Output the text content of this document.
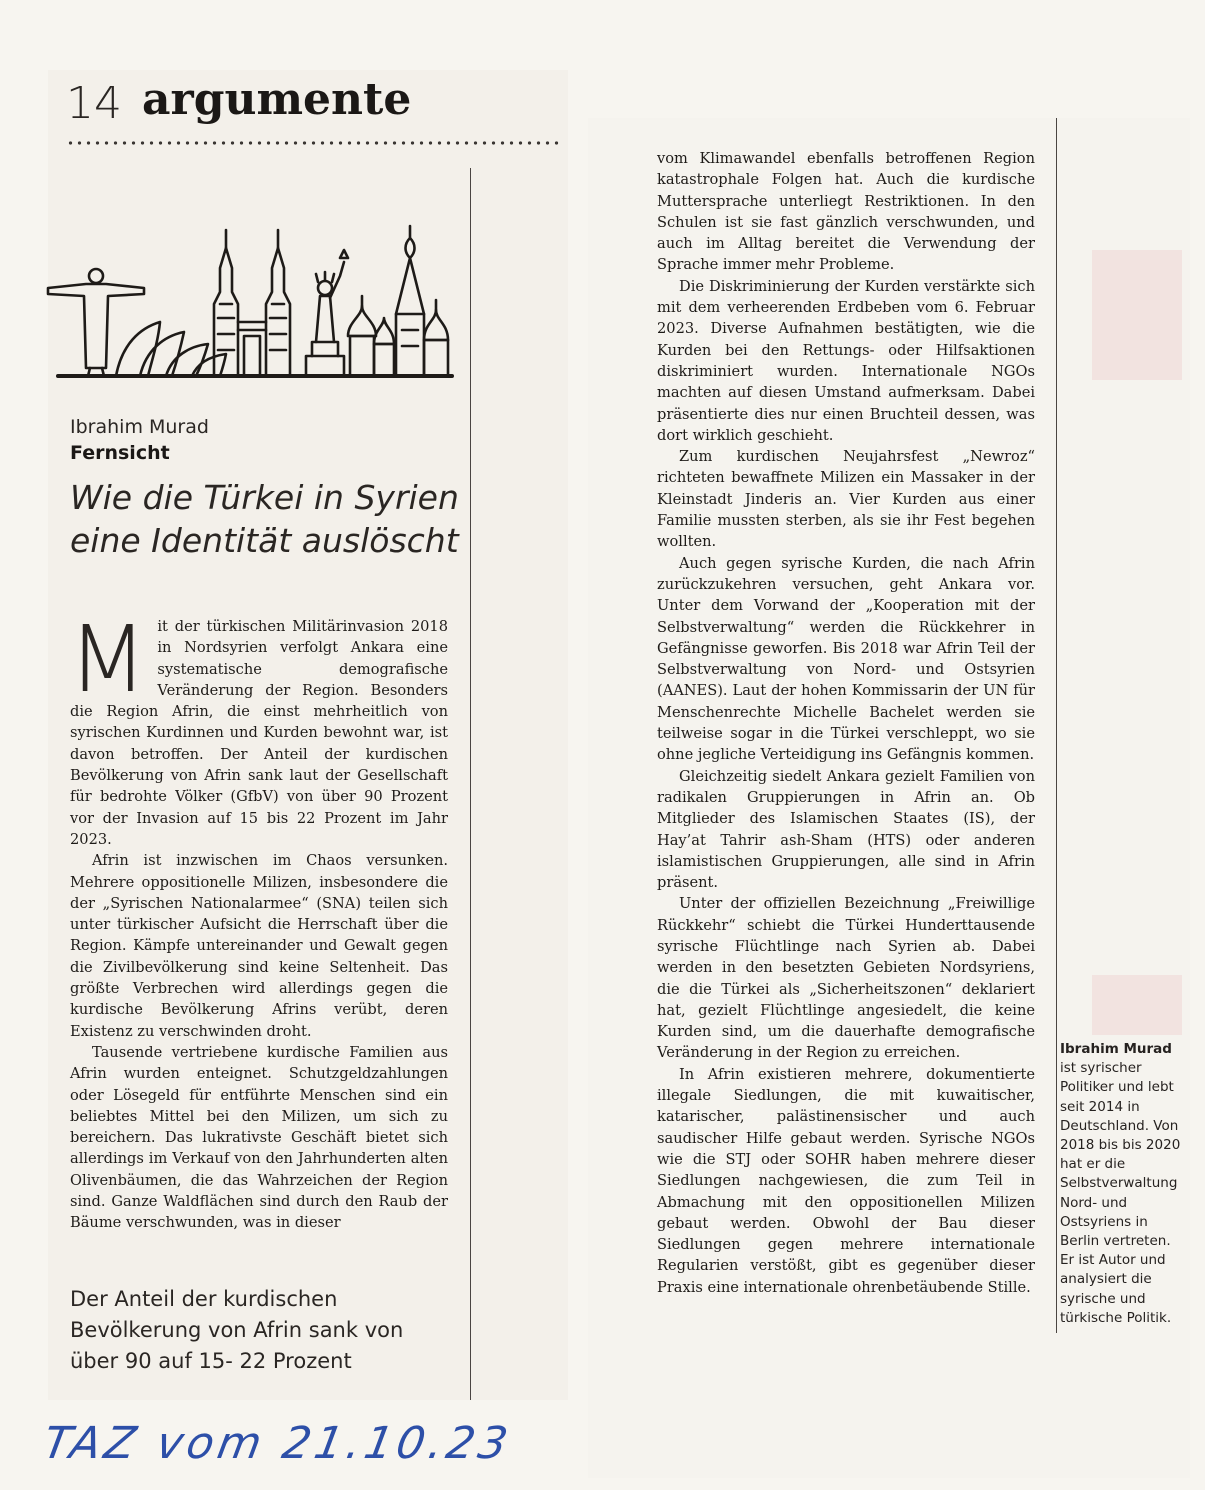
14 argumente
Ibrahim Murad
Fernsicht
Wie die Türkei in Syrien eine Identität auslöscht

Mit der türkischen Militärinvasion 2018 in Nordsyrien verfolgt Ankara eine systematische demografische Veränderung der Region. Besonders die Region Afrin, die einst mehrheitlich von syrischen Kurdinnen und Kurden bewohnt war, ist davon betroffen. Der Anteil der kurdischen Bevölkerung von Afrin sank laut der Gesellschaft für bedrohte Völker (GfbV) von über 90 Prozent vor der Invasion auf 15 bis 22 Prozent im Jahr 2023.

Afrin ist inzwischen im Chaos versunken. Mehrere oppositionelle Milizen, insbesondere die der „Syrischen Nationalarmee“ (SNA) teilen sich unter türkischer Aufsicht die Herrschaft über die Region. Kämpfe untereinander und Gewalt gegen die Zivilbevölkerung sind keine Seltenheit. Das größte Verbrechen wird allerdings gegen die kurdische Bevölkerung Afrins verübt, deren Existenz zu verschwinden droht.

Tausende vertriebene kurdische Familien aus Afrin wurden enteignet. Schutzgeldzahlungen oder Lösegeld für entführte Menschen sind ein beliebtes Mittel bei den Milizen, um sich zu bereichern. Das lukrativste Geschäft bietet sich allerdings im Verkauf von den Jahrhunderten alten Olivenbäumen, die das Wahrzeichen der Region sind. Ganze Waldflächen sind durch den Raub der Bäume verschwunden, was in dieser

Der Anteil der kurdischen Bevölkerung von Afrin sank von über 90 auf 15- 22 Prozent

vom Klimawandel ebenfalls betroffenen Region katastrophale Folgen hat. Auch die kurdische Muttersprache unterliegt Restriktionen. In den Schulen ist sie fast gänzlich verschwunden, und auch im Alltag bereitet die Verwendung der Sprache immer mehr Probleme.

Die Diskriminierung der Kurden verstärkte sich mit dem verheerenden Erdbeben vom 6. Februar 2023. Diverse Aufnahmen bestätigten, wie die Kurden bei den Rettungs- oder Hilfsaktionen diskriminiert wurden. Internationale NGOs machten auf diesen Umstand aufmerksam. Dabei präsentierte dies nur einen Bruchteil dessen, was dort wirklich geschieht.

Zum kurdischen Neujahrsfest „Newroz“ richteten bewaffnete Milizen ein Massaker in der Kleinstadt Jinderis an. Vier Kurden aus einer Familie mussten sterben, als sie ihr Fest begehen wollten.

Auch gegen syrische Kurden, die nach Afrin zurückzukehren versuchen, geht Ankara vor. Unter dem Vorwand der „Kooperation mit der Selbstverwaltung“ werden die Rückkehrer in Gefängnisse geworfen. Bis 2018 war Afrin Teil der Selbstverwaltung von Nord- und Ostsyrien (AANES). Laut der hohen Kommissarin der UN für Menschenrechte Michelle Bachelet werden sie teilweise sogar in die Türkei verschleppt, wo sie ohne jegliche Verteidigung ins Gefängnis kommen.

Gleichzeitig siedelt Ankara gezielt Familien von radikalen Gruppierungen in Afrin an. Ob Mitglieder des Islamischen Staates (IS), der Hay’at Tahrir ash-Sham (HTS) oder anderen islamistischen Gruppierungen, alle sind in Afrin präsent.

Unter der offiziellen Bezeichnung „Freiwillige Rückkehr“ schiebt die Türkei Hunderttausende syrische Flüchtlinge nach Syrien ab. Dabei werden in den besetzten Gebieten Nordsyriens, die die Türkei als „Sicherheitszonen“ deklariert hat, gezielt Flüchtlinge angesiedelt, die keine Kurden sind, um die dauerhafte demografische Veränderung in der Region zu erreichen.

In Afrin existieren mehrere, dokumentierte illegale Siedlungen, die mit kuwaitischer, katarischer, palästinensischer und auch saudischer Hilfe gebaut werden. Syrische NGOs wie die STJ oder SOHR haben mehrere dieser Siedlungen nachgewiesen, die zum Teil in Abmachung mit den oppositionellen Milizen gebaut werden. Obwohl der Bau dieser Siedlungen gegen mehrere internationale Regularien verstößt, gibt es gegenüber dieser Praxis eine internationale ohrenbetäubende Stille.

Ibrahim Murad
ist syrischer Politiker und lebt seit 2014 in Deutschland. Von 2018 bis bis 2020 hat er die Selbstverwaltung Nord- und Ostsyriens in Berlin vertreten. Er ist Autor und analysiert die syrische und türkische Politik.
TAZ vom 21.10.23
